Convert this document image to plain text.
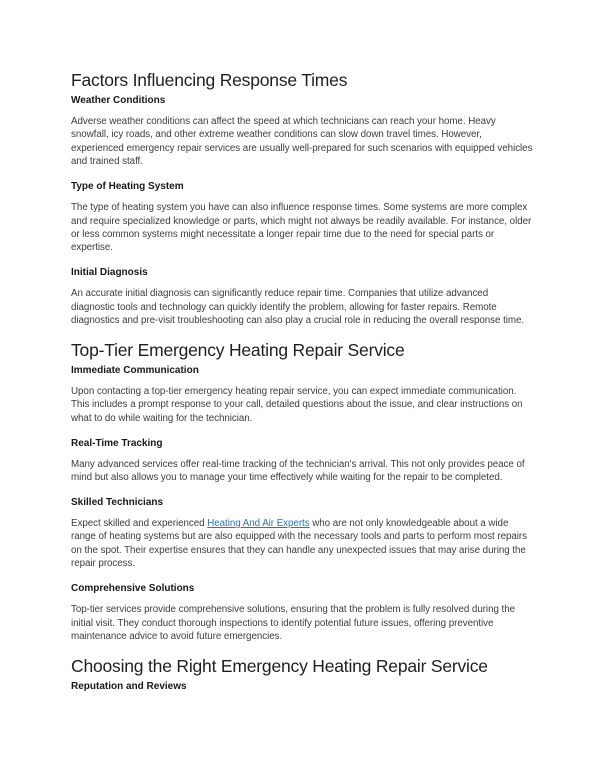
Factors Influencing Response Times
Weather Conditions

Adverse weather conditions can affect the speed at which technicians can reach your home. Heavy snowfall, icy roads, and other extreme weather conditions can slow down travel times. However, experienced emergency repair services are usually well-prepared for such scenarios with equipped vehicles and trained staff.

Type of Heating System

The type of heating system you have can also influence response times. Some systems are more complex and require specialized knowledge or parts, which might not always be readily available. For instance, older or less common systems might necessitate a longer repair time due to the need for special parts or expertise.

Initial Diagnosis

An accurate initial diagnosis can significantly reduce repair time. Companies that utilize advanced diagnostic tools and technology can quickly identify the problem, allowing for faster repairs. Remote diagnostics and pre-visit troubleshooting can also play a crucial role in reducing the overall response time.

Top-Tier Emergency Heating Repair Service
Immediate Communication

Upon contacting a top-tier emergency heating repair service, you can expect immediate communication. This includes a prompt response to your call, detailed questions about the issue, and clear instructions on what to do while waiting for the technician.

Real-Time Tracking

Many advanced services offer real-time tracking of the technician's arrival. This not only provides peace of mind but also allows you to manage your time effectively while waiting for the repair to be completed.

Skilled Technicians

Expect skilled and experienced Heating And Air Experts who are not only knowledgeable about a wide range of heating systems but are also equipped with the necessary tools and parts to perform most repairs on the spot. Their expertise ensures that they can handle any unexpected issues that may arise during the repair process.

Comprehensive Solutions

Top-tier services provide comprehensive solutions, ensuring that the problem is fully resolved during the initial visit. They conduct thorough inspections to identify potential future issues, offering preventive maintenance advice to avoid future emergencies.

Choosing the Right Emergency Heating Repair Service
Reputation and Reviews
